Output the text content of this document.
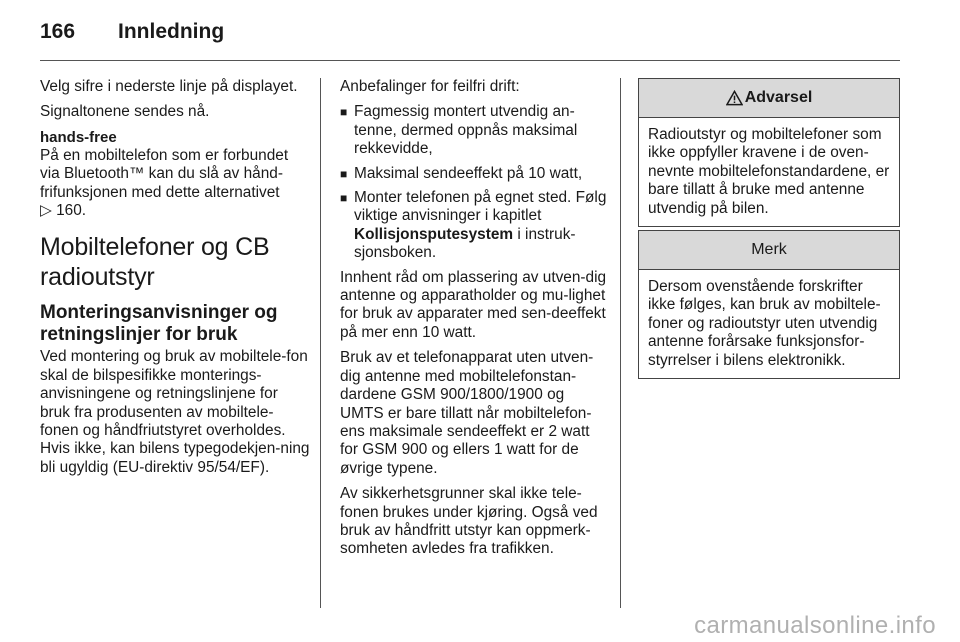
166 Innledning

Velg sifre i nederste linje på displayet.

Signaltonene sendes nå.

hands-free

På en mobiltelefon som er forbundet via Bluetooth™ kan du slå av hånd-frifunksjonen med dette alternativet
▷ 160.

Mobiltelefoner og CB radioutstyr
Monteringsanvisninger og retningslinjer for bruk

Ved montering og bruk av mobiltele-fon skal de bilspesifikke monterings-anvisningene og retningslinjene for bruk fra produsenten av mobiltele-fonen og håndfriutstyret overholdes. Hvis ikke, kan bilens typegodekjen-ning bli ugyldig (EU-direktiv 95/54/EF).

Anbefalinger for feilfri drift:

■ Fagmessig montert utvendig an-tenne, dermed oppnås maksimal rekkevidde,
■ Maksimal sendeeffekt på 10 watt,
■ Monter telefonen på egnet sted. Følg viktige anvisninger i kapitlet Kollisjonsputesystem i instruk-sjonsboken.

Innhent råd om plassering av utven-dig antenne og apparatholder og mu-lighet for bruk av apparater med sen-deeffekt på mer enn 10 watt.

Bruk av et telefonapparat uten utven-dig antenne med mobiltelefonstan-dardene GSM 900/1800/1900 og UMTS er bare tillatt når mobiltelefon-ens maksimale sendeeffekt er 2 watt for GSM 900 og ellers 1 watt for de øvrige typene.

Av sikkerhetsgrunner skal ikke tele-fonen brukes under kjøring. Også ved bruk av håndfritt utstyr kan oppmerk-somheten avledes fra trafikken.

Advarsel
Radioutstyr og mobiltelefoner som ikke oppfyller kravene i de oven-nevnte mobiltelefonstandardene, er bare tillatt å bruke med antenne utvendig på bilen.
Merk
Dersom ovenstående forskrifter ikke følges, kan bruk av mobiltele-foner og radioutstyr uten utvendig antenne forårsake funksjonsfor-styrrelser i bilens elektronikk.
carmanualsonline.info
